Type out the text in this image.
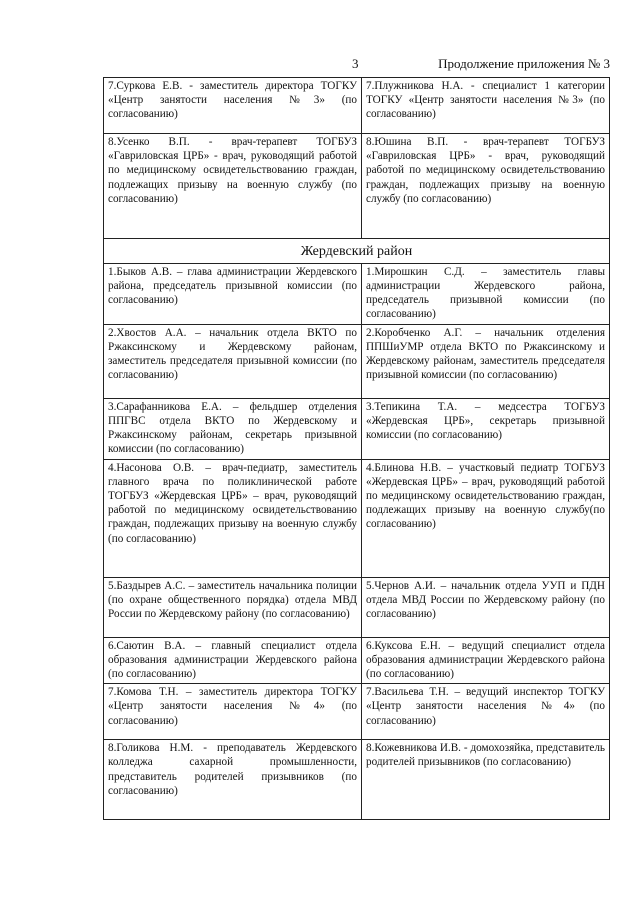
3	Продолжение приложения № 3
7.Суркова Е.В. - заместитель директора ТОГКУ «Центр занятости населения №3» (по согласованию)	7.Плужникова Н.А. - специалист 1 категории ТОГКУ «Центр занятости населения №3» (по согласованию)
8.Усенко В.П. - врач-терапевт ТОГБУЗ «Гавриловская ЦРБ» - врач, руководящий работой по медицинскому освидетельствованию граждан, подлежащих призыву на военную службу (по согласованию)	8.Юшина В.П. - врач-терапевт ТОГБУЗ «Гавриловская ЦРБ» - врач, руководящий работой по медицинскому освидетельствованию граждан, подлежащих призыву на военную службу (по согласованию)
Жердевский район	
1.Быков А.В. – глава администрации Жердевского района, председатель призывной комиссии (по согласованию)	1.Мирошкин С.Д. – заместитель главы администрации Жердевского района, председатель призывной комиссии (по согласованию)
2.Хвостов А.А. – начальник отдела ВКТО по Ржаксинскому и Жердевскому районам, заместитель председателя призывной комиссии (по согласованию)	2.Коробченко А.Г. – начальник отделения ППШиУМР отдела ВКТО по Ржаксинскому и Жердевскому районам, заместитель председателя призывной комиссии (по согласованию)
3.Сарафанникова Е.А. – фельдшер отделения ППГВС отдела ВКТО по Жердевскому и Ржаксинскому районам, секретарь призывной комиссии (по согласованию)	3.Тепикина Т.А. – медсестра ТОГБУЗ «Жердевская ЦРБ», секретарь призывной комиссии (по согласованию)
4.Насонова О.В. – врач-педиатр, заместитель главного врача по поликлинической работе ТОГБУЗ «Жердевская ЦРБ» – врач, руководящий работой по медицинскому освидетельствованию граждан, подлежащих призыву на военную службу (по согласованию)	4.Блинова Н.В. – участковый педиатр ТОГБУЗ «Жердевская ЦРБ» – врач, руководящий работой по медицинскому освидетельствованию граждан, подлежащих призыву на военную службу(по согласованию)
5.Баздырев А.С. – заместитель начальника полиции (по охране общественного порядка) отдела МВД России по Жердевскому району (по согласованию)	5.Чернов А.И. – начальник отдела УУП и ПДН отдела МВД России по Жердевскому району (по согласованию)
6.Саютин В.А. – главный специалист отдела образования администрации Жердевского района (по согласованию)	6.Куксова Е.Н. – ведущий специалист отдела образования администрации Жердевского района (по согласованию)
7.Комова Т.Н. – заместитель директора ТОГКУ «Центр занятости населения №4» (по согласованию)	7.Васильева Т.Н. – ведущий инспектор ТОГКУ «Центр занятости населения №4» (по согласованию)
8.Голикова Н.М. - преподаватель Жердевского колледжа сахарной промышленности, представитель родителей призывников (по согласованию)	8.Кожевникова И.В. - домохозяйка, представитель родителей призывников (по согласованию)
